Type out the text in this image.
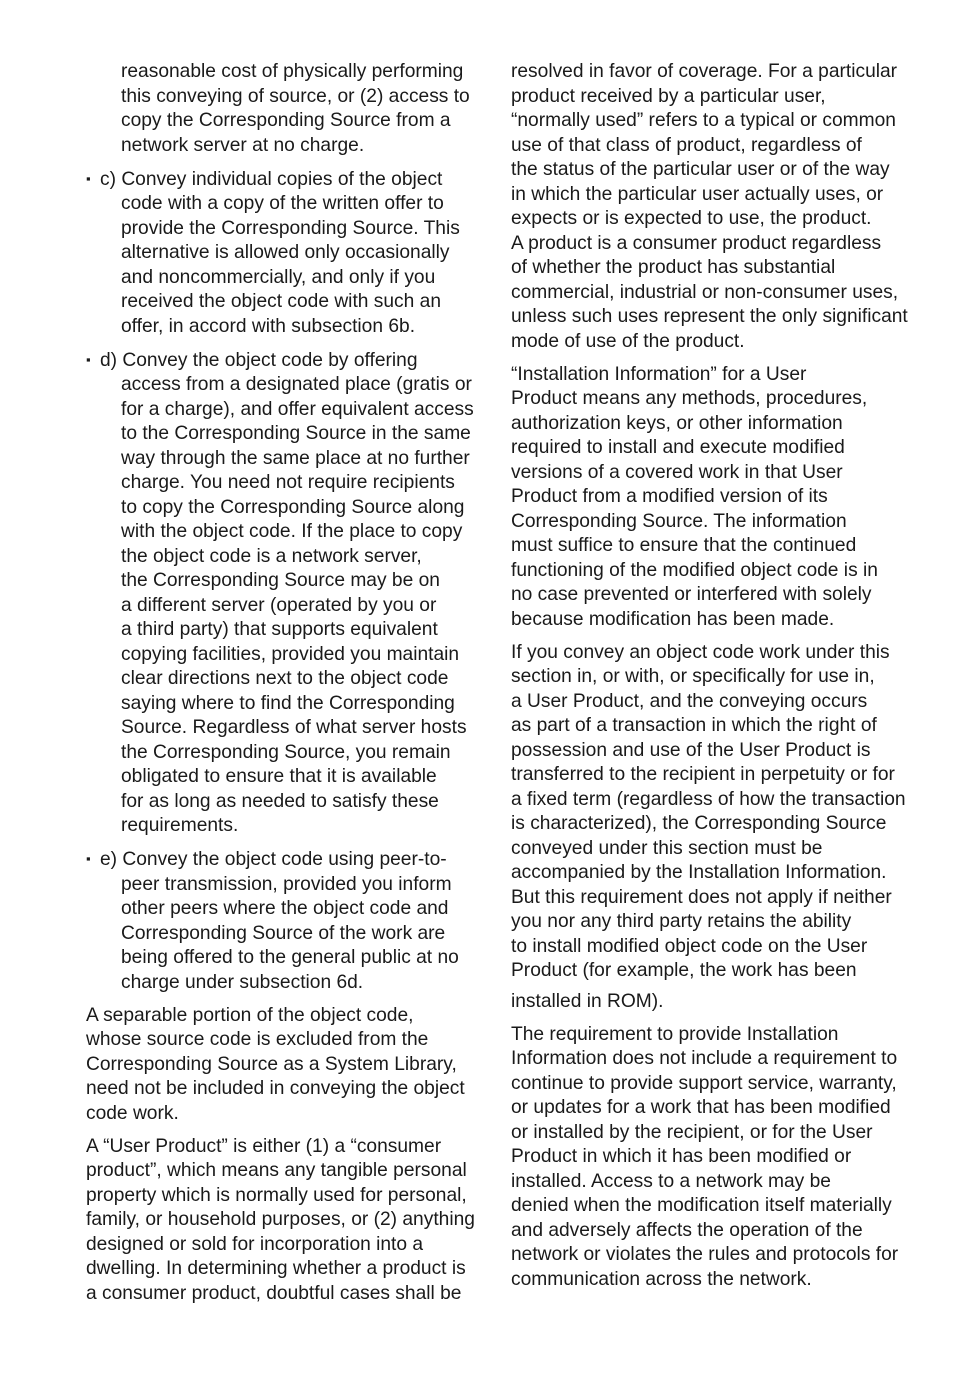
reasonable cost of physically performing
this conveying of source, or (2) access to
copy the Corresponding Source from a
network server at no charge.
▪ c) Convey individual copies of the object
code with a copy of the written offer to
provide the Corresponding Source. This
alternative is allowed only occasionally
and noncommercially, and only if you
received the object code with such an
offer, in accord with subsection 6b.
▪ d) Convey the object code by offering
access from a designated place (gratis or
for a charge), and offer equivalent access
to the Corresponding Source in the same
way through the same place at no further
charge. You need not require recipients
to copy the Corresponding Source along
with the object code. If the place to copy
the object code is a network server,
the Corresponding Source may be on
a different server (operated by you or
a third party) that supports equivalent
copying facilities, provided you maintain
clear directions next to the object code
saying where to find the Corresponding
Source. Regardless of what server hosts
the Corresponding Source, you remain
obligated to ensure that it is available
for as long as needed to satisfy these
requirements.
▪ e) Convey the object code using peer-to-
peer transmission, provided you inform
other peers where the object code and
Corresponding Source of the work are
being offered to the general public at no
charge under subsection 6d.
A separable portion of the object code,
whose source code is excluded from the
Corresponding Source as a System Library,
need not be included in conveying the object
code work.
A “User Product” is either (1) a “consumer
product”, which means any tangible personal
property which is normally used for personal,
family, or household purposes, or (2) anything
designed or sold for incorporation into a
dwelling. In determining whether a product is
a consumer product, doubtful cases shall be
resolved in favor of coverage. For a particular
product received by a particular user,
“normally used” refers to a typical or common
use of that class of product, regardless of
the status of the particular user or of the way
in which the particular user actually uses, or
expects or is expected to use, the product.
A product is a consumer product regardless
of whether the product has substantial
commercial, industrial or non-consumer uses,
unless such uses represent the only significant
mode of use of the product.
“Installation Information” for a User
Product means any methods, procedures,
authorization keys, or other information
required to install and execute modified
versions of a covered work in that User
Product from a modified version of its
Corresponding Source. The information
must suffice to ensure that the continued
functioning of the modified object code is in
no case prevented or interfered with solely
because modification has been made.
If you convey an object code work under this
section in, or with, or specifically for use in,
a User Product, and the conveying occurs
as part of a transaction in which the right of
possession and use of the User Product is
transferred to the recipient in perpetuity or for
a fixed term (regardless of how the transaction
is characterized), the Corresponding Source
conveyed under this section must be
accompanied by the Installation Information.
But this requirement does not apply if neither
you nor any third party retains the ability
to install modified object code on the User
Product (for example, the work has been
installed in ROM).
The requirement to provide Installation
Information does not include a requirement to
continue to provide support service, warranty,
or updates for a work that has been modified
or installed by the recipient, or for the User
Product in which it has been modified or
installed. Access to a network may be
denied when the modification itself materially
and adversely affects the operation of the
network or violates the rules and protocols for
communication across the network.
